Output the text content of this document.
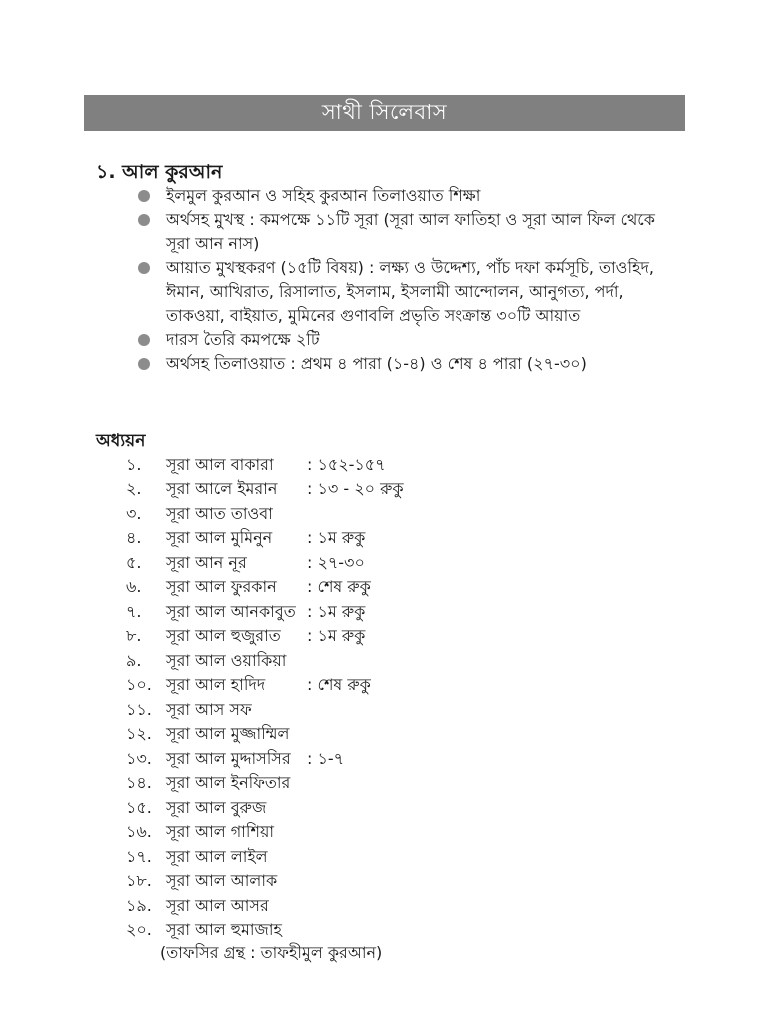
সাথী সিলেবাস
১. আল কুরআন
ইলমুল কুরআন ও সহিহ কুরআন তিলাওয়াত শিক্ষা
অর্থসহ মুখস্থ : কমপক্ষে ১১টি সূরা (সূরা আল ফাতিহা ও সূরা আল ফিল থেকে সূরা আন নাস)
আয়াত মুখস্থকরণ (১৫টি বিষয়) : লক্ষ্য ও উদ্দেশ্য, পাঁচ দফা কর্মসূচি, তাওহিদ, ঈমান, আখিরাত, রিসালাত, ইসলাম, ইসলামী আন্দোলন, আনুগত্য, পর্দা, তাকওয়া, বাইয়াত, মুমিনের গুণাবলি প্রভৃতি সংক্রান্ত ৩০টি আয়াত
দারস তৈরি কমপক্ষে ২টি
অর্থসহ তিলাওয়াত : প্রথম ৪ পারা (১-৪) ও শেষ ৪ পারা (২৭-৩০)
অধ্যয়ন
১.	সূরা আল বাকারা	: ১৫২-১৫৭
২.	সূরা আলে ইমরান	: ১৩ - ২০ রুকু
৩.	সূরা আত তাওবা
৪.	সূরা আল মুমিনুন	: ১ম রুকু
৫.	সূরা আন নূর	: ২৭-৩০
৬.	সূরা আল ফুরকান	: শেষ রুকু
৭.	সূরা আল আনকাবুত : ১ম রুকু
৮.	সূরা আল হুজুরাত	: ১ম রুকু
৯.	সূরা আল ওয়াকিয়া
১০. সূরা আল হাদিদ	: শেষ রুকু
১১. সূরা আস সফ
১২. সূরা আল মুজ্জাম্মিল
১৩. সূরা আল মুদ্দাসসির	: ১-৭
১৪. সূরা আল ইনফিতার
১৫. সূরা আল বুরুজ
১৬. সূরা আল গাশিয়া
১৭. সূরা আল লাইল
১৮. সূরা আল আলাক
১৯. সূরা আল আসর
২০. সূরা আল হুমাজাহ

(তাফসির গ্রন্থ : তাফহীমুল কুরআন)
